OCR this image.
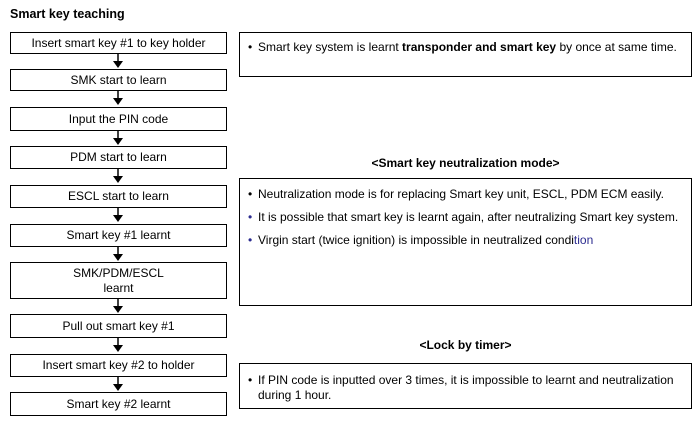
Smart key teaching
Insert smart key #1 to key holder
SMK start to learn
Input the PIN code
PDM start to learn
ESCL start to learn
Smart key #1 learnt
SMK/PDM/ESCL
learnt
Pull out smart key #1
Insert smart key #2 to holder
Smart key #2 learnt
• Smart key system is learnt transponder and smart key by once at same time.
<Smart key neutralization mode>
• Neutralization mode is for replacing Smart key unit, ESCL, PDM ECM easily.
• It is possible that smart key is learnt again, after neutralizing Smart key system.
• Virgin start (twice ignition) is impossible in neutralized condition
<Lock by timer>
• If PIN code is inputted over 3 times, it is impossible to learnt and neutralization during 1 hour.
